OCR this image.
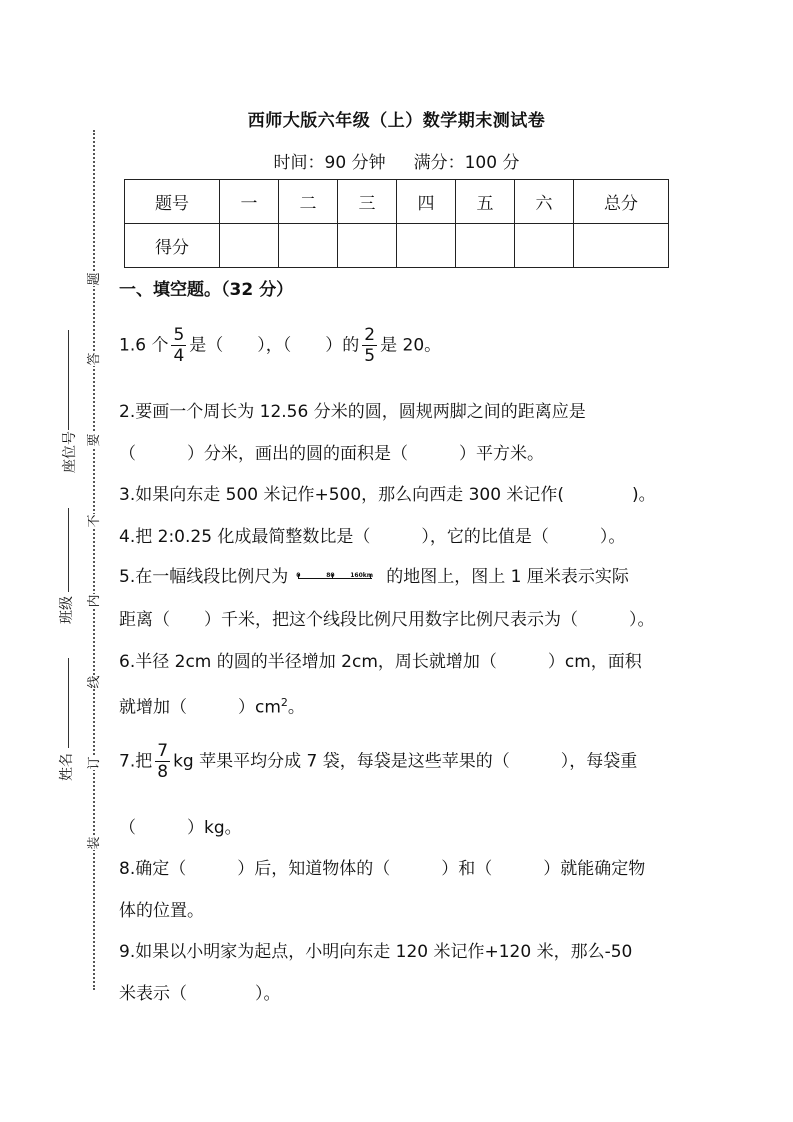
题
答
要
不
内
线
订
装
座位号
班级
姓名
西师大版六年级（上）数学期末测试卷
时间：90 分钟 满分：100 分
题号	一	二	三	四	五	六	总分
得分							
一、填空题。（32 分）
1.6 个 $\frac{5}{4}$ 是（　　），（　　）的 $\frac{2}{5}$ 是 20。
2.要画一个周长为 12.56 分米的圆，圆规两脚之间的距离应是
（　　　）分米，画出的圆的面积是（　　　）平方米。
3.如果向东走 500 米记作+500，那么向西走 300 米记作(　　　　)。
4.把 2:0.25 化成最简整数比是（　　　），它的比值是（　　　）。
5.在一幅线段比例尺为 0	80	160km 的地图上，图上 1 厘米表示实际
距离（　　）千米，把这个线段比例尺用数字比例尺表示为（　　　）。
6.半径 2cm 的圆的半径增加 2cm，周长就增加（　　　）cm，面积
就增加（　　　）$cm^2$。
7.把 $\frac{7}{8}$ kg 苹果平均分成 7 袋，每袋是这些苹果的（　　　），每袋重
（　　　）kg。
8.确定（　　　）后，知道物体的（　　　）和（　　　）就能确定物
体的位置。
9.如果以小明家为起点，小明向东走 120 米记作+120 米，那么-50
米表示（　　　　）。
